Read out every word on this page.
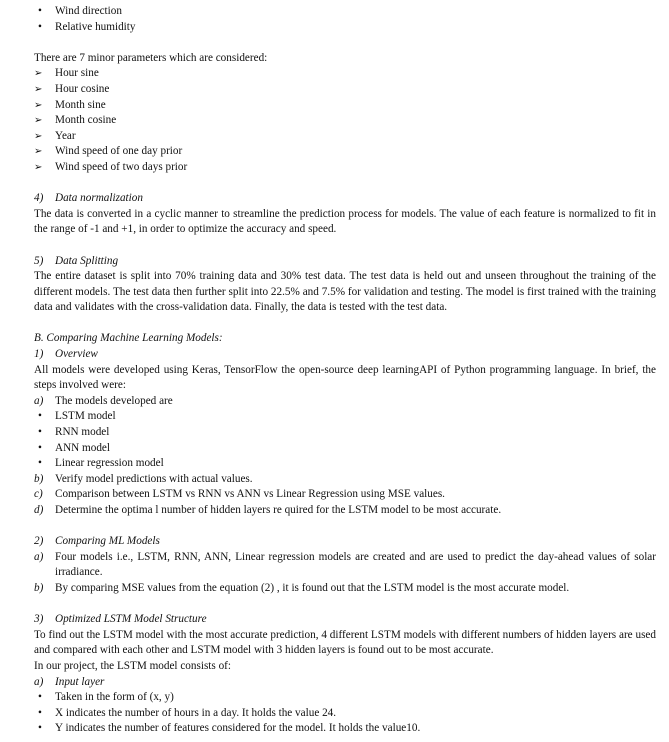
•	Wind direction
•	Relative humidity
There are 7 minor parameters which are considered:
➢ Hour sine
➢ Hour cosine
➢ Month sine
➢ Month cosine
➢ Year
➢ Wind speed of one day prior
➢ Wind speed of two days prior
4) Data normalization
The data is converted in a cyclic manner to streamline the prediction process for models. The value of each feature is normalized to fit in the range of -1 and +1, in order to optimize the accuracy and speed.
5) Data Splitting
The entire dataset is split into 70% training data and 30% test data. The test data is held out and unseen throughout the training of the different models. The test data then further split into 22.5% and 7.5% for validation and testing. The model is first trained with the training data and validates with the cross-validation data. Finally, the data is tested with the test data.
B. Comparing Machine Learning Models:
1) Overview
All models were developed using Keras, TensorFlow the open-source deep learningAPI of Python programming language. In brief, the steps involved were:
a) The models developed are
•	LSTM model
•	RNN model
•	ANN model
•	Linear regression model
b) Verify model predictions with actual values.
c) Comparison between LSTM vs RNN vs ANN vs Linear Regression using MSE values.
d) Determine the optima l number of hidden layers re quired for the LSTM model to be most accurate.
2) Comparing ML Models
a) Four models i.e., LSTM, RNN, ANN, Linear regression models are created and are used to predict the day-ahead values of solar irradiance.
b) By comparing MSE values from the equation (2) , it is found out that the LSTM model is the most accurate model.
3) Optimized LSTM Model Structure
To find out the LSTM model with the most accurate prediction, 4 different LSTM models with different numbers of hidden layers are used and compared with each other and LSTM model with 3 hidden layers is found out to be most accurate.
In our project, the LSTM model consists of:
a) Input layer
•	Taken in the form of (x, y)
•	X indicates the number of hours in a day. It holds the value 24.
•	Y indicates the number of features considered for the model. It holds the value10.
